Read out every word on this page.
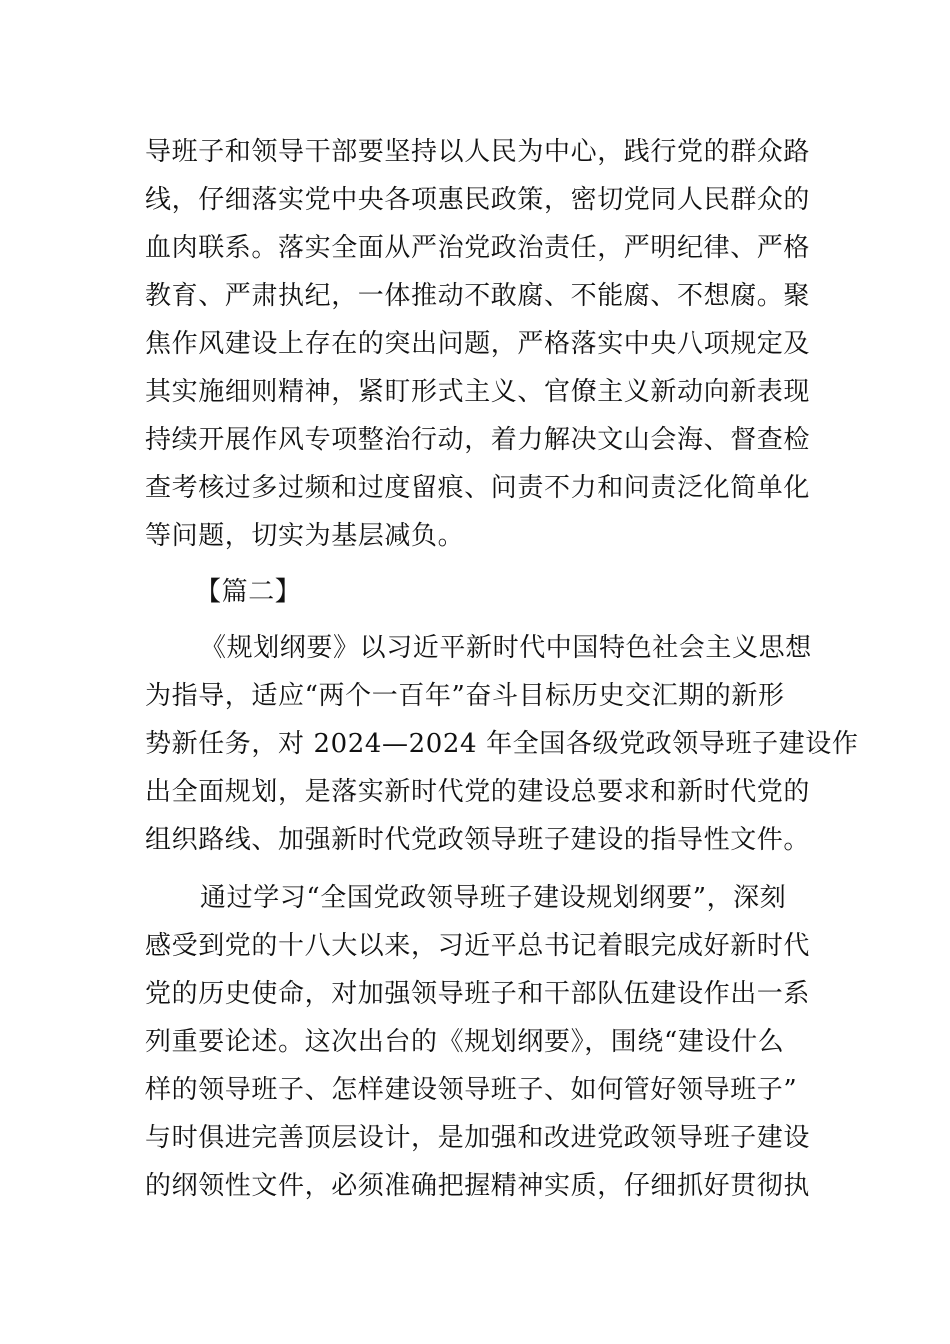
导班子和领导干部要坚持以人民为中心，践行党的群众路
线，仔细落实党中央各项惠民政策，密切党同人民群众的
血肉联系。落实全面从严治党政治责任，严明纪律、严格
教育、严肃执纪，一体推动不敢腐、不能腐、不想腐。聚
焦作风建设上存在的突出问题，严格落实中央八项规定及
其实施细则精神，紧盯形式主义、官僚主义新动向新表现
持续开展作风专项整治行动，着力解决文山会海、督查检
查考核过多过频和过度留痕、问责不力和问责泛化简单化
等问题，切实为基层减负。
【篇二】
《规划纲要》以习近平新时代中国特色社会主义思想
为指导，适应“两个一百年”奋斗目标历史交汇期的新形
势新任务，对 2024—2024 年全国各级党政领导班子建设作
出全面规划，是落实新时代党的建设总要求和新时代党的
组织路线、加强新时代党政领导班子建设的指导性文件。
通过学习“全国党政领导班子建设规划纲要”，深刻
感受到党的十八大以来，习近平总书记着眼完成好新时代
党的历史使命，对加强领导班子和干部队伍建设作出一系
列重要论述。这次出台的《规划纲要》，围绕“建设什么
样的领导班子、怎样建设领导班子、如何管好领导班子”
与时俱进完善顶层设计，是加强和改进党政领导班子建设
的纲领性文件，必须准确把握精神实质，仔细抓好贯彻执
